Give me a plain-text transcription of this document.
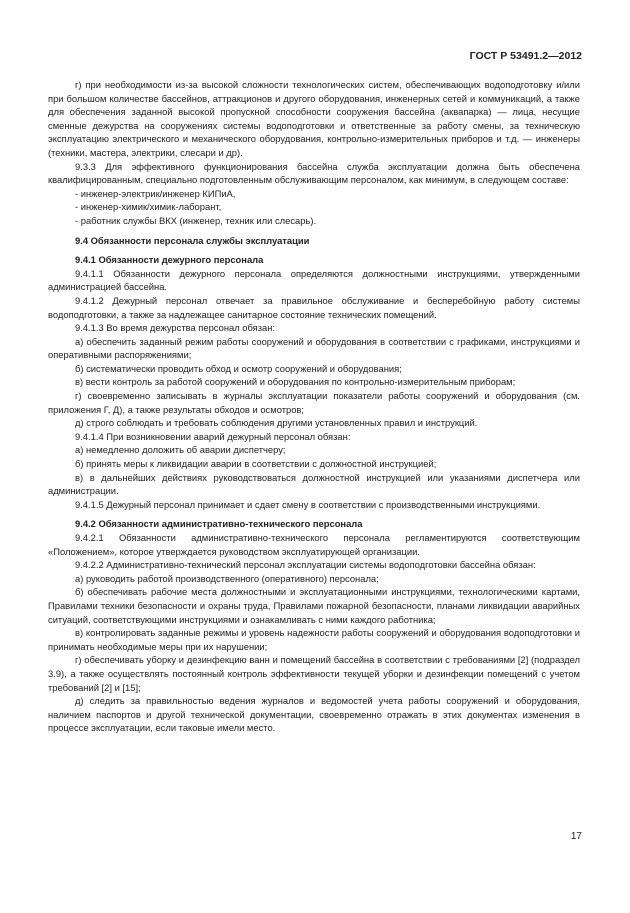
ГОСТ Р 53491.2—2012

г) при необходимости из-за высокой сложности технологических систем, обеспечивающих водоподготовку и/или при большом количестве бассейнов, аттракционов и другого оборудования, инженерных сетей и коммуникаций, а также для обеспечения заданной высокой пропускной способности сооружения бассейна (аквапарка) — лица, несущие сменные дежурства на сооружениях системы водоподготовки и ответственные за работу смены, за техническую эксплуатацию электрического и механического оборудования, контрольно-измерительных приборов и т.д. — инженеры (техники, мастера, электрики, слесари и др).

9.3.3 Для эффективного функционирования бассейна служба эксплуатации должна быть обеспечена квалифицированным, специально подготовленным обслуживающим персоналом, как минимум, в следующем составе:

- инженер-электрик/инженер КИПиА,

- инженер-химик/химик-лаборант,

- работник службы ВКХ (инженер, техник или слесарь).

9.4 Обязанности персонала службы эксплуатации

9.4.1 Обязанности дежурного персонала

9.4.1.1 Обязанности дежурного персонала определяются должностными инструкциями, утвержденными администрацией бассейна.

9.4.1.2 Дежурный персонал отвечает за правильное обслуживание и бесперебойную работу системы водоподготовки, а также за надлежащее санитарное состояние технических помещений.

9.4.1.3 Во время дежурства персонал обязан:

а) обеспечить заданный режим работы сооружений и оборудования в соответствии с графиками, инструкциями и оперативными распоряжениями;

б) систематически проводить обход и осмотр сооружений и оборудования;

в) вести контроль за работой сооружений и оборудования по контрольно-измерительным приборам;

г) своевременно записывать в журналы эксплуатации показатели работы сооружений и оборудования (см. приложения Г, Д), а также результаты обходов и осмотров;

д) строго соблюдать и требовать соблюдения другими установленных правил и инструкций.

9.4.1.4 При возникновении аварий дежурный персонал обязан:

а) немедленно доложить об аварии диспетчеру;

б) принять меры к ликвидации аварии в соответствии с должностной инструкцией;

в) в дальнейших действиях руководствоваться должностной инструкцией или указаниями диспетчера или администрации.

9.4.1.5 Дежурный персонал принимает и сдает смену в соответствии с производственными инструкциями.

9.4.2 Обязанности административно-технического персонала

9.4.2.1 Обязанности административно-технического персонала регламентируются соответствующим «Положением», которое утверждается руководством эксплуатирующей организации.

9.4.2.2 Административно-технический персонал эксплуатации системы водоподготовки бассейна обязан:

а) руководить работой производственного (оперативного) персонала;

б) обеспечивать рабочие места должностными и эксплуатационными инструкциями, технологическими картами, Правилами техники безопасности и охраны труда, Правилами пожарной безопасности, планами ликвидации аварийных ситуаций, соответствующими инструкциями и ознакамливать с ними каждого работника;

в) контролировать заданные режимы и уровень надежности работы сооружений и оборудования водоподготовки и принимать необходимые меры при их нарушении;

г) обеспечивать уборку и дезинфекцию ванн и помещений бассейна в соответствии с требованиями [2] (подраздел 3.9), а также осуществлять постоянный контроль эффективности текущей уборки и дезинфекции помещений с учетом требований [2] и [15];

д) следить за правильностью ведения журналов и ведомостей учета работы сооружений и оборудования, наличием паспортов и другой технической документации, своевременно отражать в этих документах изменения в процессе эксплуатации, если таковые имели место.

17
